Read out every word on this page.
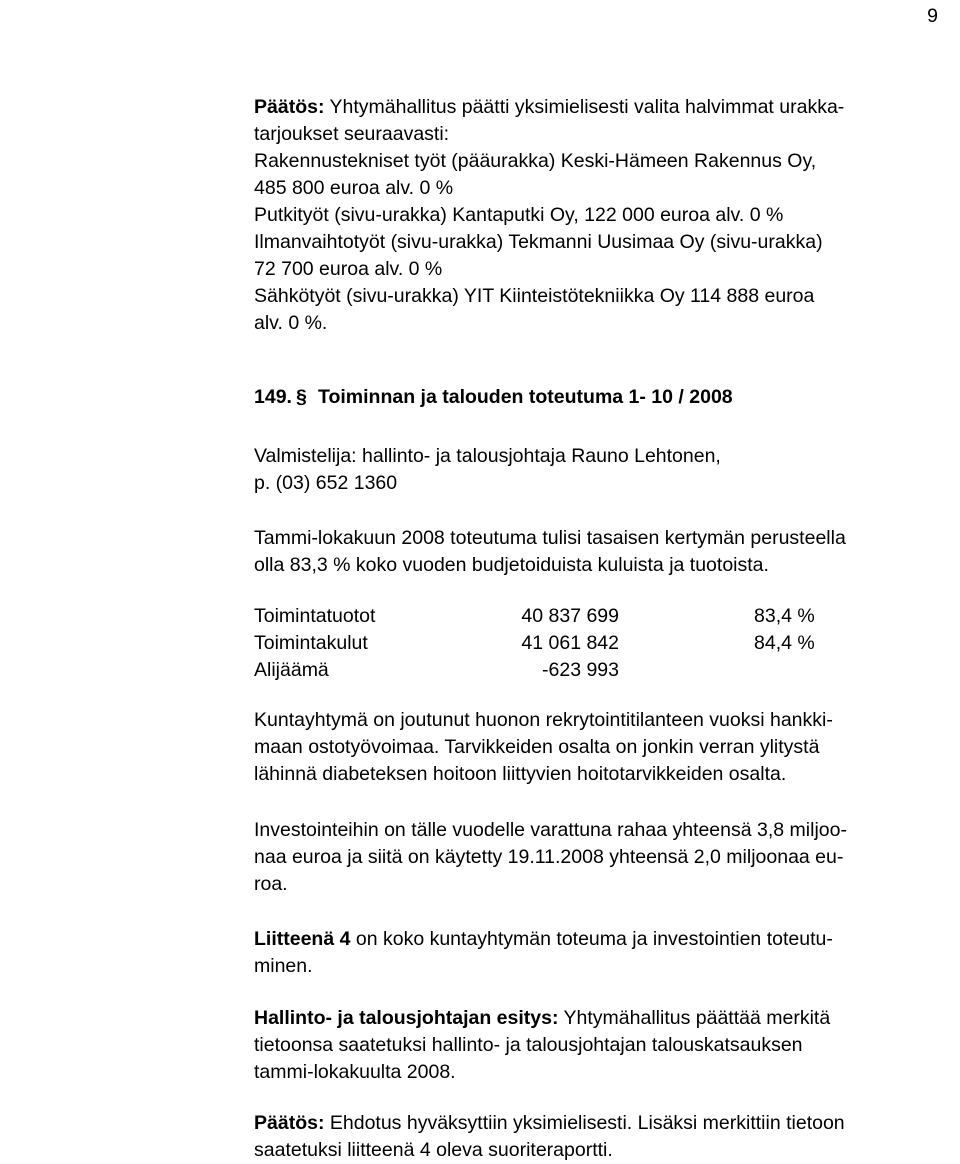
9
Päätös: Yhtymähallitus päätti yksimielisesti valita halvimmat urakka-
tarjoukset seuraavasti:
Rakennustekniset työt (pääurakka) Keski-Hämeen Rakennus Oy,
485 800 euroa alv. 0 %
Putkityöt (sivu-urakka) Kantaputki Oy, 122 000 euroa alv. 0 %
Ilmanvaihtotyöt (sivu-urakka) Tekmanni Uusimaa Oy (sivu-urakka)
72 700 euroa alv. 0 %
Sähkötyöt (sivu-urakka) YIT Kiinteistötekniikka Oy 114 888 euroa
alv. 0 %.
149. § Toiminnan ja talouden toteutuma 1- 10 / 2008
Valmistelija: hallinto- ja talousjohtaja Rauno Lehtonen,
p. (03) 652 1360
Tammi-lokakuun 2008 toteutuma tulisi tasaisen kertymän perusteella
olla 83,3 % koko vuoden budjetoiduista kuluista ja tuotoista.
Toimintatuotot	40 837 699	83,4 %
Toimintakulut	41 061 842	84,4 %
Alijäämä	-623 993
Kuntayhtymä on joutunut huonon rekrytointitilanteen vuoksi hankki-
maan ostotyövoimaa. Tarvikkeiden osalta on jonkin verran ylitystä
lähinnä diabeteksen hoitoon liittyvien hoitotarvikkeiden osalta.
Investointeihin on tälle vuodelle varattuna rahaa yhteensä 3,8 miljoo-
naa euroa ja siitä on käytetty 19.11.2008 yhteensä 2,0 miljoonaa eu-
roa.
Liitteenä 4 on koko kuntayhtymän toteuma ja investointien toteutu-
minen.
Hallinto- ja talousjohtajan esitys: Yhtymähallitus päättää merkitä
tietoonsa saatetuksi hallinto- ja talousjohtajan talouskatsauksen
tammi-lokakuulta 2008.
Päätös: Ehdotus hyväksyttiin yksimielisesti. Lisäksi merkittiin tietoon
saatetuksi liitteenä 4 oleva suoriteraportti.
